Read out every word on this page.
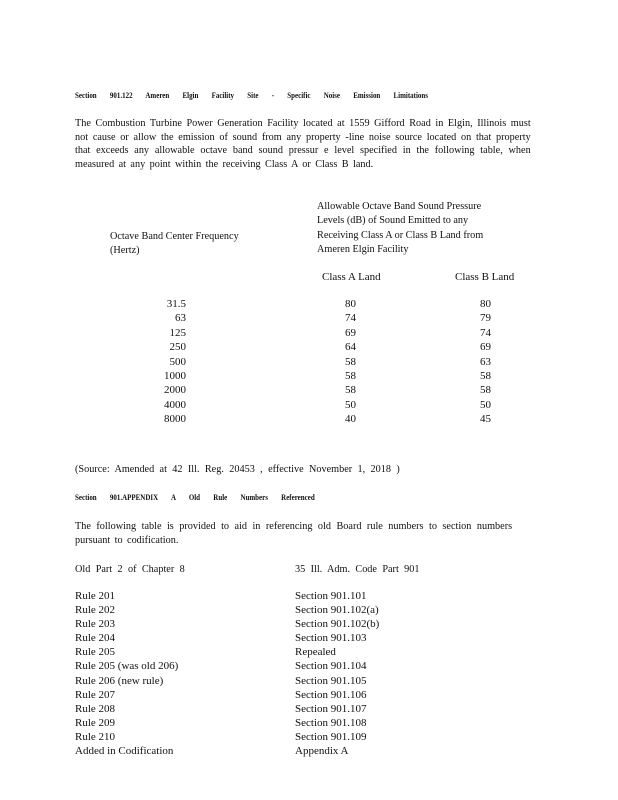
Section 901.122 Ameren Elgin Facility Site - Specific Noise Emission Limitations
The Combustion Turbine Power Generation Facility located at 1559 Gifford Road in Elgin, Illinois must not cause or allow the emission of sound from any property -line noise source located on that property that exceeds any allowable octave band sound pressur e level specified in the following table, when measured at any point within the receiving Class A or Class B land.
Octave Band Center Frequency
(Hertz)
Allowable Octave Band Sound Pressure Levels (dB) of Sound Emitted to any Receiving Class A or Class B Land from Ameren Elgin Facility
Class A Land	Class B Land
31.5
63
125
250
500
1000
2000
4000
8000
80
74
69
64
58
58
58
50
40
80
79
74
69
63
58
58
50
45
(Source: Amended at 42 Ill. Reg. 20453 , effective November 1, 2018 )
Section 901.APPENDIX A Old Rule Numbers Referenced
The following table is provided to aid in referencing old Board rule numbers to section numbers pursuant to codification.
Old Part 2 of Chapter 8	35 Ill. Adm. Code Part 901
Rule 201
Rule 202
Rule 203
Rule 204
Rule 205
Rule 205 (was old 206)
Rule 206 (new rule)
Rule 207
Rule 208
Rule 209
Rule 210
Added in Codification
Section 901.101
Section 901.102(a)
Section 901.102(b)
Section 901.103
Repealed
Section 901.104
Section 901.105
Section 901.106
Section 901.107
Section 901.108
Section 901.109
Appendix A
